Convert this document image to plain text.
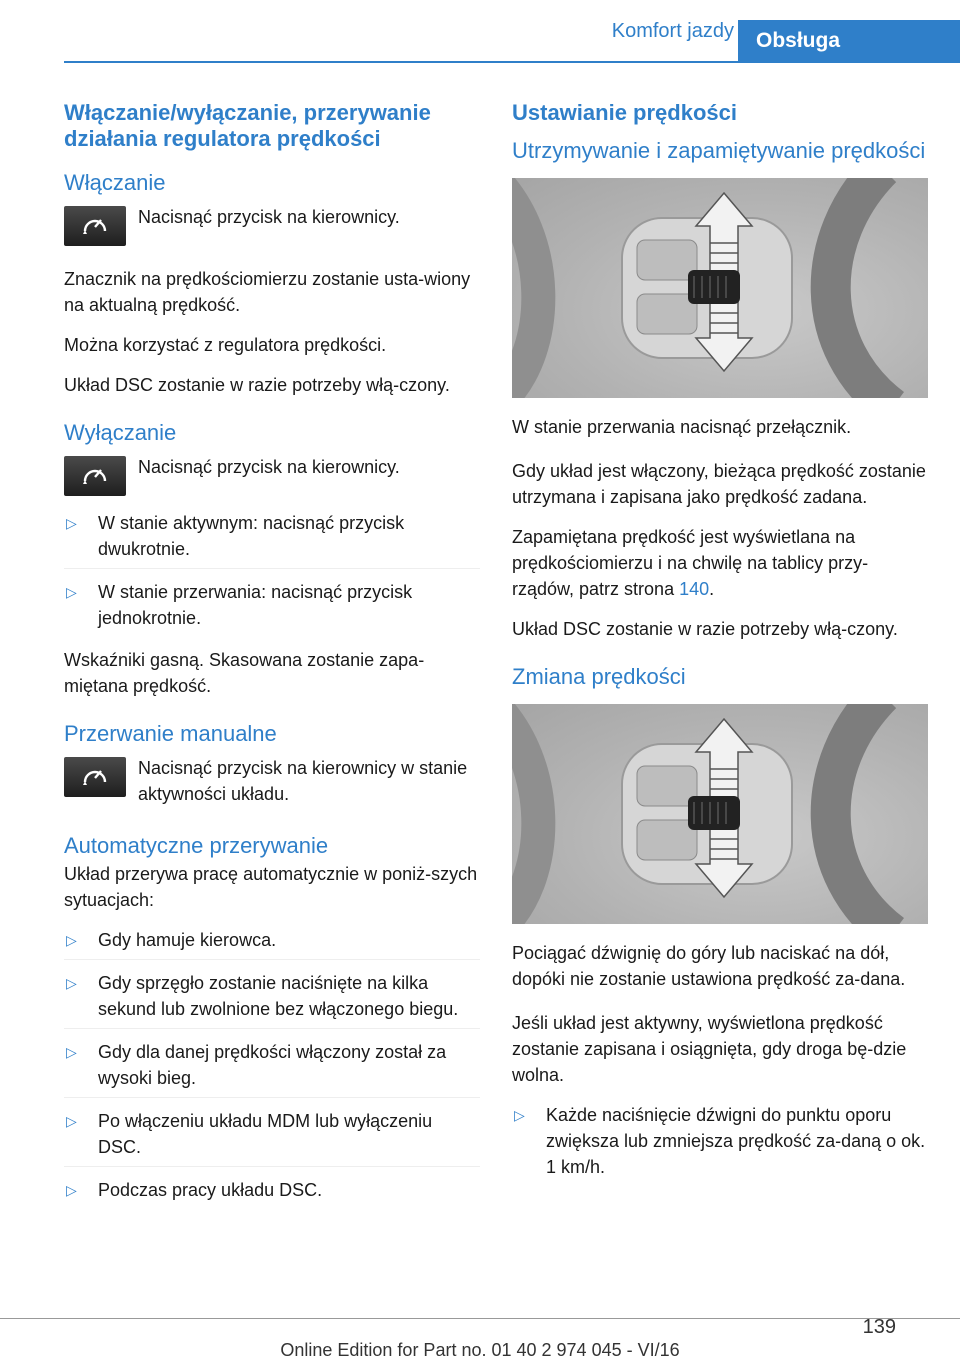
Komfort jazdy	Obsługa
Włączanie/wyłączanie, przerywanie działania regulatora prędkości
Włączanie

Nacisnąć przycisk na kierownicy.

Znacznik na prędkościomierzu zostanie usta‐wiony na aktualną prędkość.

Można korzystać z regulatora prędkości.

Układ DSC zostanie w razie potrzeby włą‐czony.

Wyłączanie

Nacisnąć przycisk na kierownicy.

▷ W stanie aktywnym: nacisnąć przycisk dwukrotnie.
▷ W stanie przerwania: nacisnąć przycisk jednokrotnie.

Wskaźniki gasną. Skasowana zostanie zapa‐miętana prędkość.

Przerwanie manualne

Nacisnąć przycisk na kierownicy w stanie aktywności układu.

Automatyczne przerywanie

Układ przerywa pracę automatycznie w poniż‐szych sytuacjach:

▷ Gdy hamuje kierowca.
▷ Gdy sprzęgło zostanie naciśnięte na kilka sekund lub zwolnione bez włączonego biegu.
▷ Gdy dla danej prędkości włączony został za wysoki bieg.
▷ Po włączeniu układu MDM lub wyłączeniu DSC.
▷ Podczas pracy układu DSC.
Ustawianie prędkości
Utrzymywanie i zapamiętywanie prędkości

W stanie przerwania nacisnąć przełącznik.

Gdy układ jest włączony, bieżąca prędkość zostanie utrzymana i zapisana jako prędkość zadana.

Zapamiętana prędkość jest wyświetlana na prędkościomierzu i na chwilę na tablicy przy‐rządów, patrz strona 140.

Układ DSC zostanie w razie potrzeby włą‐czony.

Zmiana prędkości

Pociągać dźwignię do góry lub naciskać na dół, dopóki nie zostanie ustawiona prędkość za‐dana.

Jeśli układ jest aktywny, wyświetlona prędkość zostanie zapisana i osiągnięta, gdy droga bę‐dzie wolna.

▷ Każde naciśnięcie dźwigni do punktu oporu zwiększa lub zmniejsza prędkość za‐daną o ok. 1 km/h.
139
Online Edition for Part no. 01 40 2 974 045 - VI/16
